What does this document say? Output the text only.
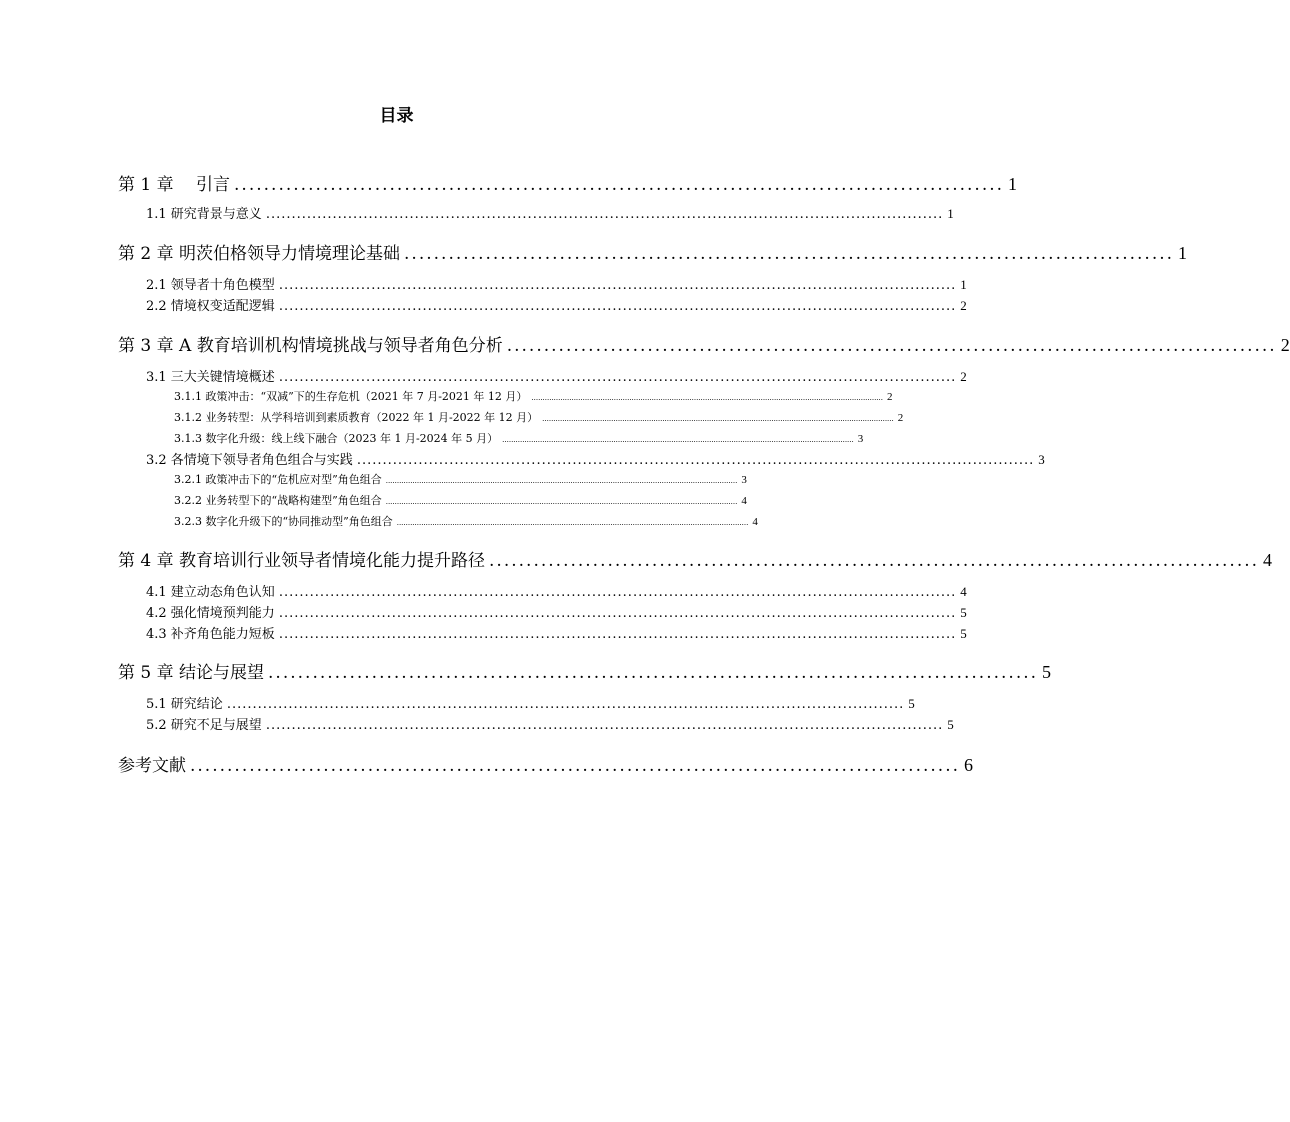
目录
第 1 章　 引言 ........................................................................................................ 1
1.1 研究背景与意义 .................................................................................................................................... 1
第 2 章 明茨伯格领导力情境理论基础 ........................................................................................................ 1
2.1 领导者十角色模型 .................................................................................................................................... 1
2.2 情境权变适配逻辑 .................................................................................................................................... 2
第 3 章 A 教育培训机构情境挑战与领导者角色分析 ........................................................................................................ 2
3.1 三大关键情境概述 .................................................................................................................................... 2
3.1.1 政策冲击：“双减”下的生存危机（2021 年 7 月-2021 年 12 月） .............................................................................................................................................................. 2
3.1.2 业务转型：从学科培训到素质教育（2022 年 1 月-2022 年 12 月） .............................................................................................................................................................. 2
3.1.3 数字化升级：线上线下融合（2023 年 1 月-2024 年 5 月） .............................................................................................................................................................. 3
3.2 各情境下领导者角色组合与实践 .................................................................................................................................... 3
3.2.1 政策冲击下的“危机应对型”角色组合 .............................................................................................................................................................. 3
3.2.2 业务转型下的“战略构建型”角色组合 .............................................................................................................................................................. 4
3.2.3 数字化升级下的“协同推动型”角色组合 .............................................................................................................................................................. 4
第 4 章 教育培训行业领导者情境化能力提升路径 ........................................................................................................ 4
4.1 建立动态角色认知 .................................................................................................................................... 4
4.2 强化情境预判能力 .................................................................................................................................... 5
4.3 补齐角色能力短板 .................................................................................................................................... 5
第 5 章 结论与展望 ........................................................................................................ 5
5.1 研究结论 .................................................................................................................................... 5
5.2 研究不足与展望 .................................................................................................................................... 5
参考文献 ........................................................................................................ 6
